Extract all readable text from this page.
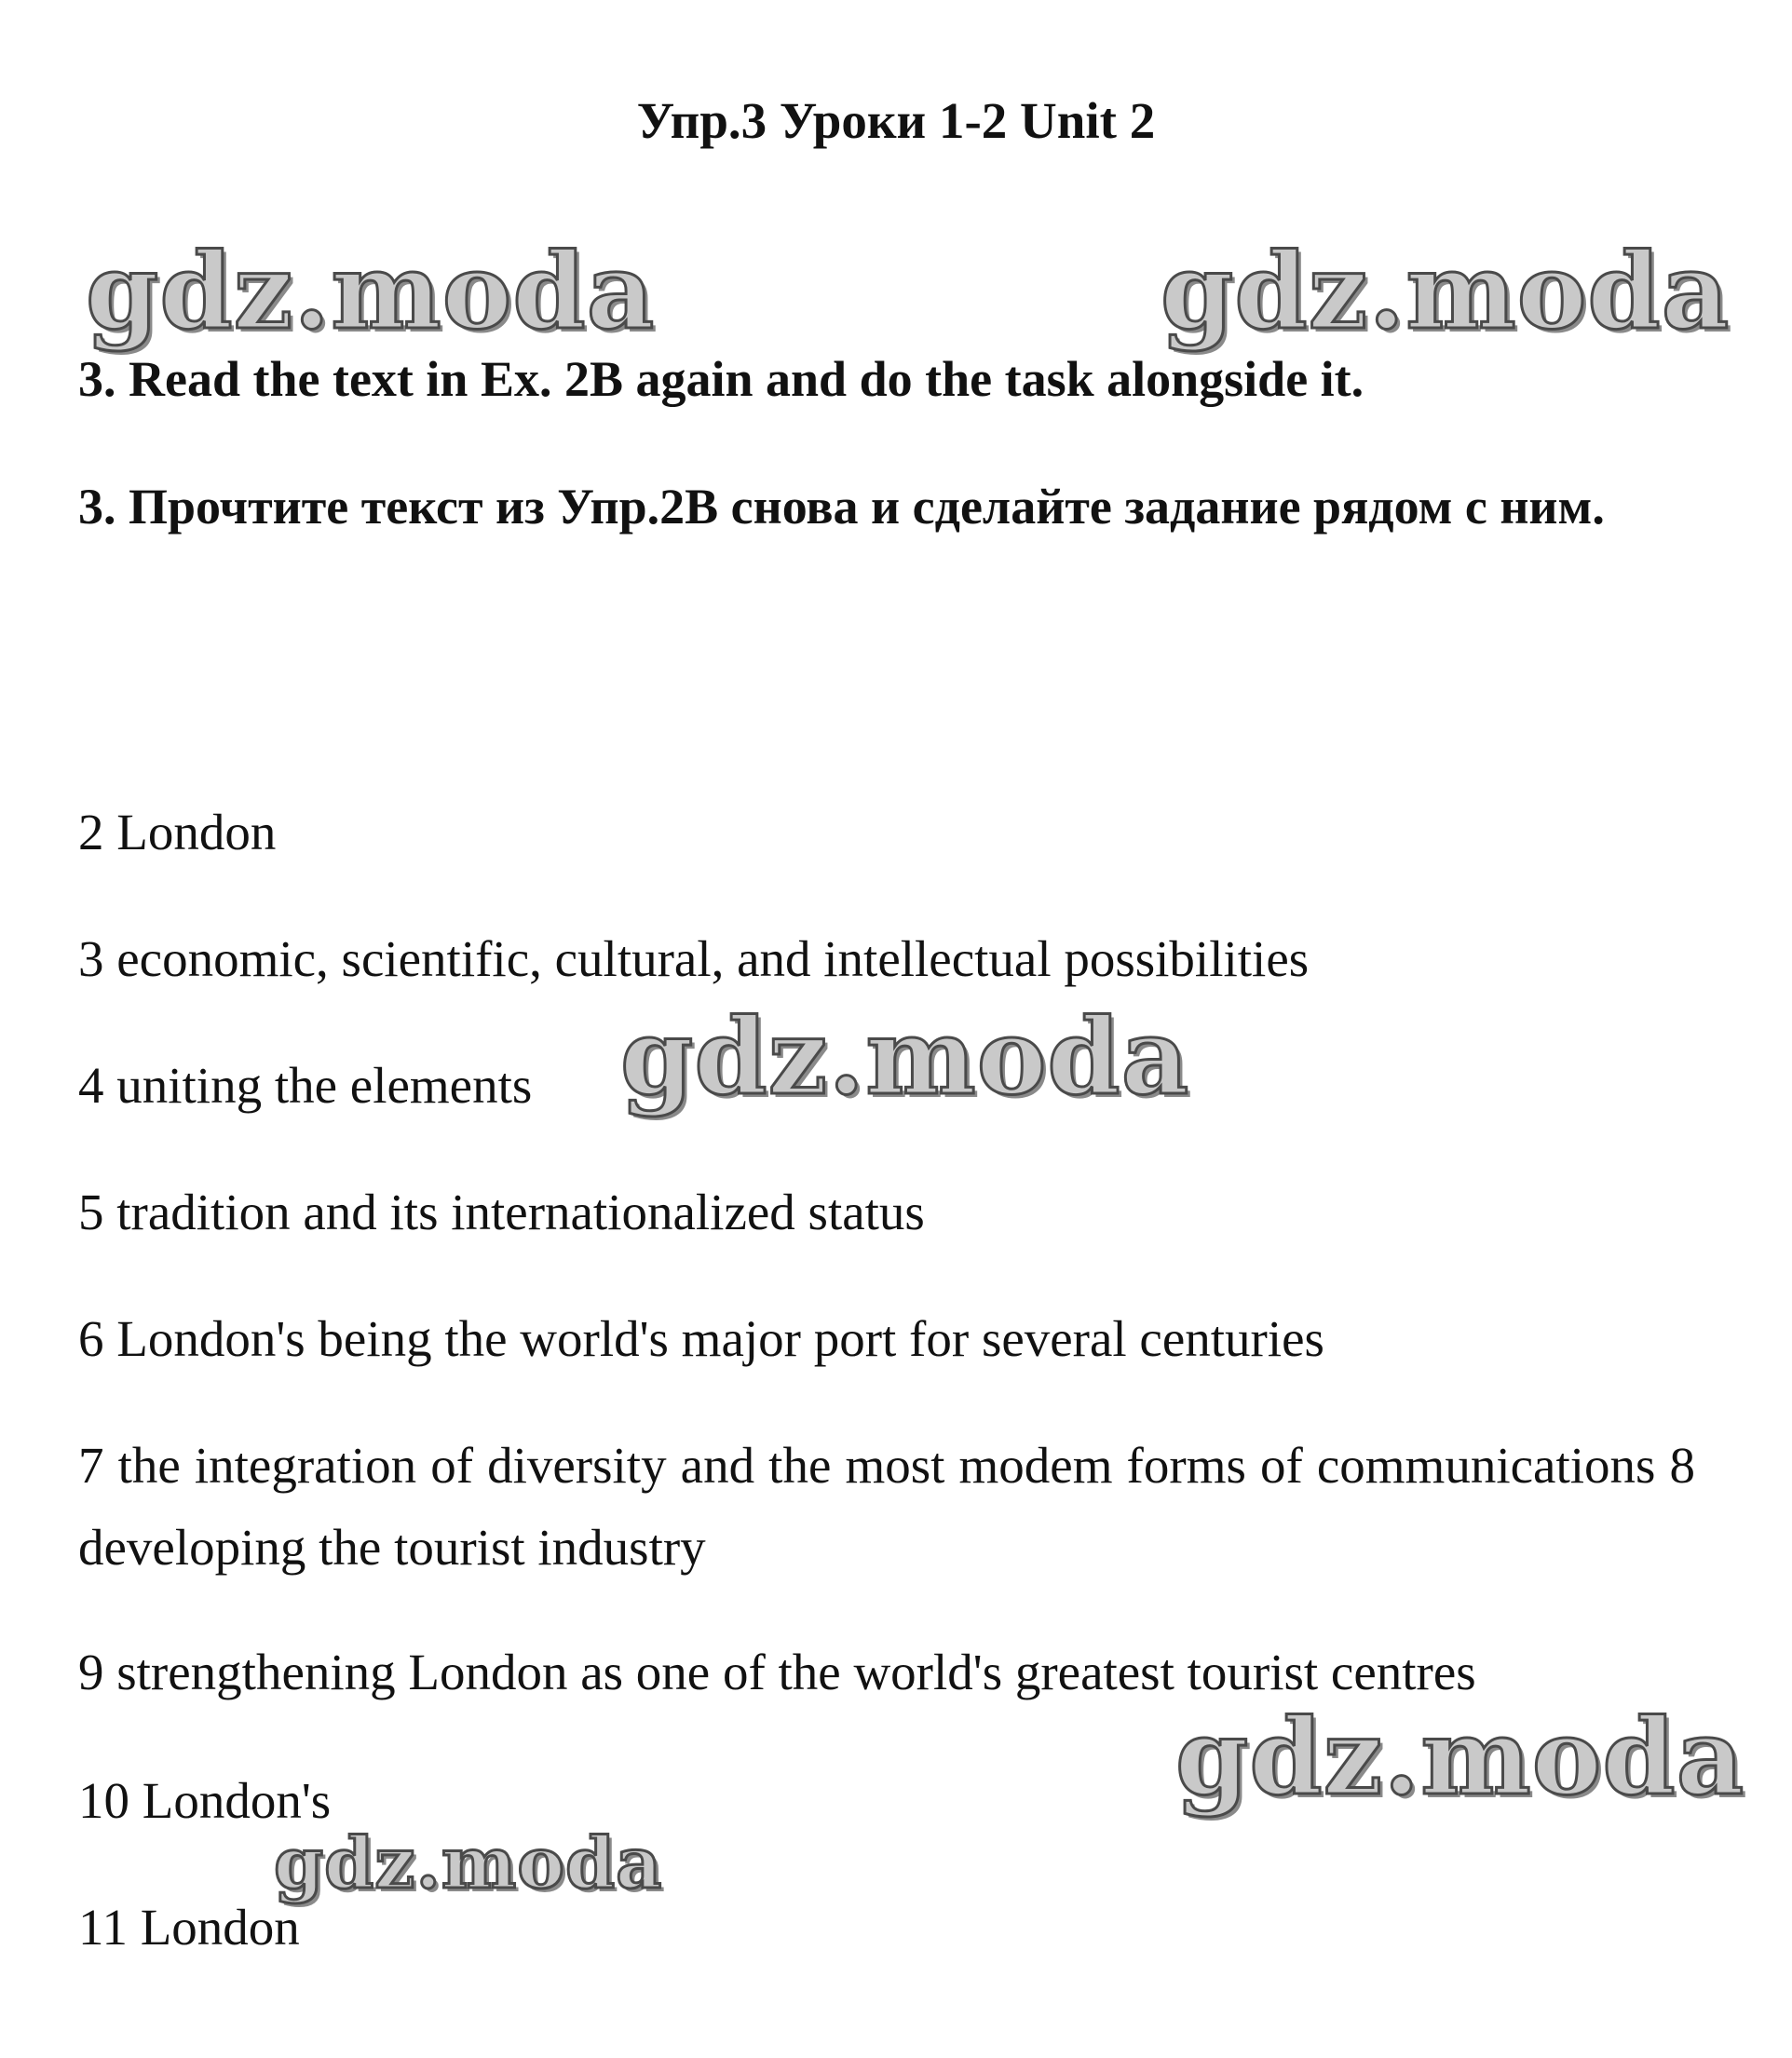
Упр.3 Уроки 1-2 Unit 2
gdz.moda	gdz.moda
3. Read the text in Ex. 2B again and do the task alongside it.
3. Прочтите текст из Упр.2B снова и сделайте задание рядом с ним.
2 London
3 economic, scientific, cultural, and intellectual possibilities
gdz.moda
4 uniting the elements
5 tradition and its internationalized status
6 London's being the world's major port for several centuries
7 the integration of diversity and the most modem forms of communications 8 developing the tourist industry
9 strengthening London as one of the world's greatest tourist centres
gdz.moda
10 London's
gdz.moda
11 London
